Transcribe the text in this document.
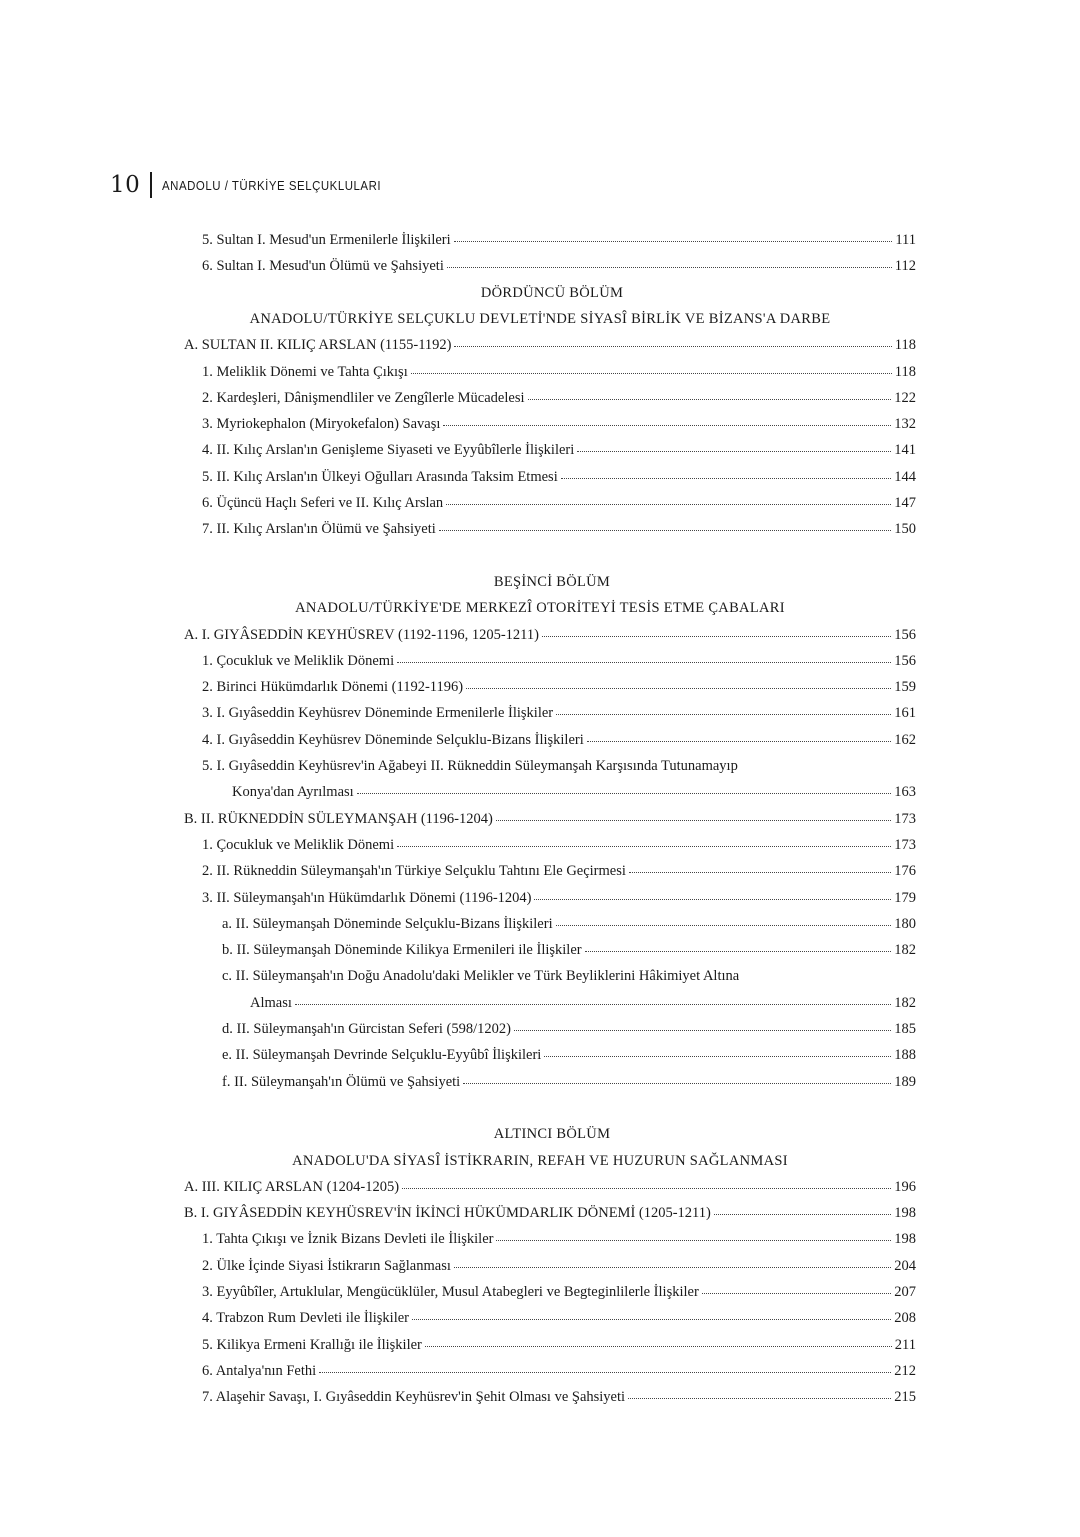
10 ANADOLU / TÜRKİYE SELÇUKLULARI
5. Sultan I. Mesud'un Ermenilerle İlişkileri	111
6. Sultan I. Mesud'un Ölümü ve Şahsiyeti	112
DÖRDÜNCÜ BÖLÜM
ANADOLU/TÜRKİYE SELÇUKLU DEVLETİ'NDE SİYASÎ BİRLİK VE BİZANS'A DARBE
A. SULTAN II. KILIÇ ARSLAN (1155-1192)	118
1. Meliklik Dönemi ve Tahta Çıkışı	118
2. Kardeşleri, Dânişmendliler ve Zengîlerle Mücadelesi	122
3. Myriokephalon (Miryokefalon) Savaşı	132
4. II. Kılıç Arslan'ın Genişleme Siyaseti ve Eyyûbîlerle İlişkileri	141
5. II. Kılıç Arslan'ın Ülkeyi Oğulları Arasında Taksim Etmesi	144
6. Üçüncü Haçlı Seferi ve II. Kılıç Arslan	147
7. II. Kılıç Arslan'ın Ölümü ve Şahsiyeti	150
BEŞİNCİ BÖLÜM
ANADOLU/TÜRKİYE'DE MERKEZÎ OTORİTEYİ TESİS ETME ÇABALARI
A. I. GIYÂSEDDİN KEYHÜSREV (1192-1196, 1205-1211)	156
1. Çocukluk ve Meliklik Dönemi	156
2. Birinci Hükümdarlık Dönemi (1192-1196)	159
3. I. Gıyâseddin Keyhüsrev Döneminde Ermenilerle İlişkiler	161
4. I. Gıyâseddin Keyhüsrev Döneminde Selçuklu-Bizans İlişkileri	162
5. I. Gıyâseddin Keyhüsrev'in Ağabeyi II. Rükneddin Süleymanşah Karşısında Tutunamayıp
Konya'dan Ayrılması	163
B. II. RÜKNEDDİN SÜLEYMANŞAH (1196-1204)	173
1. Çocukluk ve Meliklik Dönemi	173
2. II. Rükneddin Süleymanşah'ın Türkiye Selçuklu Tahtını Ele Geçirmesi	176
3. II. Süleymanşah'ın Hükümdarlık Dönemi (1196-1204)	179
a. II. Süleymanşah Döneminde Selçuklu-Bizans İlişkileri	180
b. II. Süleymanşah Döneminde Kilikya Ermenileri ile İlişkiler	182
c. II. Süleymanşah'ın Doğu Anadolu'daki Melikler ve Türk Beyliklerini Hâkimiyet Altına
Alması	182
d. II. Süleymanşah'ın Gürcistan Seferi (598/1202)	185
e. II. Süleymanşah Devrinde Selçuklu-Eyyûbî İlişkileri	188
f. II. Süleymanşah'ın Ölümü ve Şahsiyeti	189
ALTINCI BÖLÜM
ANADOLU'DA SİYASÎ İSTİKRARIN, REFAH VE HUZURUN SAĞLANMASI
A. III. KILIÇ ARSLAN (1204-1205)	196
B. I. GIYÂSEDDİN KEYHÜSREV'İN İKİNCİ HÜKÜMDARLIK DÖNEMİ (1205-1211)	198
1. Tahta Çıkışı ve İznik Bizans Devleti ile İlişkiler	198
2. Ülke İçinde Siyasi İstikrarın Sağlanması	204
3. Eyyûbîler, Artuklular, Mengücüklüler, Musul Atabegleri ve Begteginlilerle İlişkiler	207
4. Trabzon Rum Devleti ile İlişkiler	208
5. Kilikya Ermeni Krallığı ile İlişkiler	211
6. Antalya'nın Fethi	212
7. Alaşehir Savaşı, I. Gıyâseddin Keyhüsrev'in Şehit Olması ve Şahsiyeti	215
